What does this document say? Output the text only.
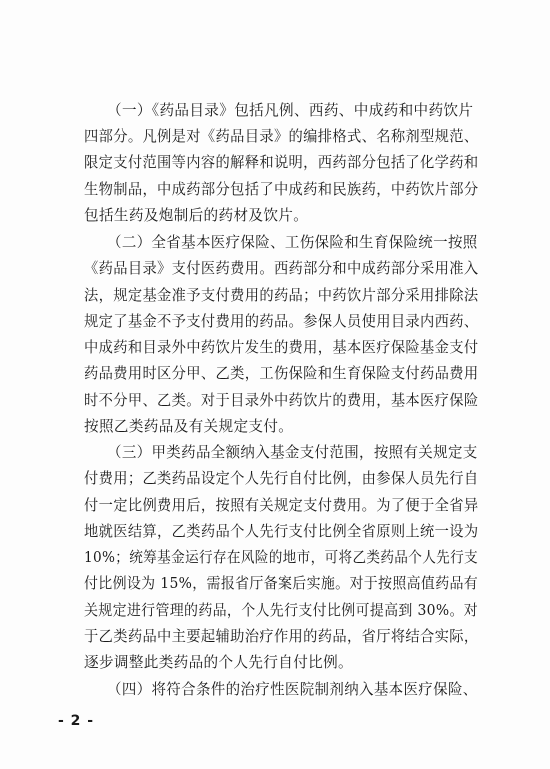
（一）《药品目录》包括凡例、西药、中成药和中药饮片
四部分。凡例是对《药品目录》的编排格式、名称剂型规范、
限定支付范围等内容的解释和说明，西药部分包括了化学药和
生物制品，中成药部分包括了中成药和民族药，中药饮片部分
包括生药及炮制后的药材及饮片。
（二）全省基本医疗保险、工伤保险和生育保险统一按照
《药品目录》支付医药费用。西药部分和中成药部分采用准入
法，规定基金准予支付费用的药品；中药饮片部分采用排除法
规定了基金不予支付费用的药品。参保人员使用目录内西药、
中成药和目录外中药饮片发生的费用，基本医疗保险基金支付
药品费用时区分甲、乙类，工伤保险和生育保险支付药品费用
时不分甲、乙类。对于目录外中药饮片的费用，基本医疗保险
按照乙类药品及有关规定支付。
（三）甲类药品全额纳入基金支付范围，按照有关规定支
付费用；乙类药品设定个人先行自付比例，由参保人员先行自
付一定比例费用后，按照有关规定支付费用。为了便于全省异
地就医结算，乙类药品个人先行支付比例全省原则上统一设为
10%；统筹基金运行存在风险的地市，可将乙类药品个人先行支
付比例设为 15%，需报省厅备案后实施。对于按照高值药品有
关规定进行管理的药品，个人先行支付比例可提高到 30%。对
于乙类药品中主要起辅助治疗作用的药品，省厅将结合实际，
逐步调整此类药品的个人先行自付比例。
（四）将符合条件的治疗性医院制剂纳入基本医疗保险、
- 2 -
